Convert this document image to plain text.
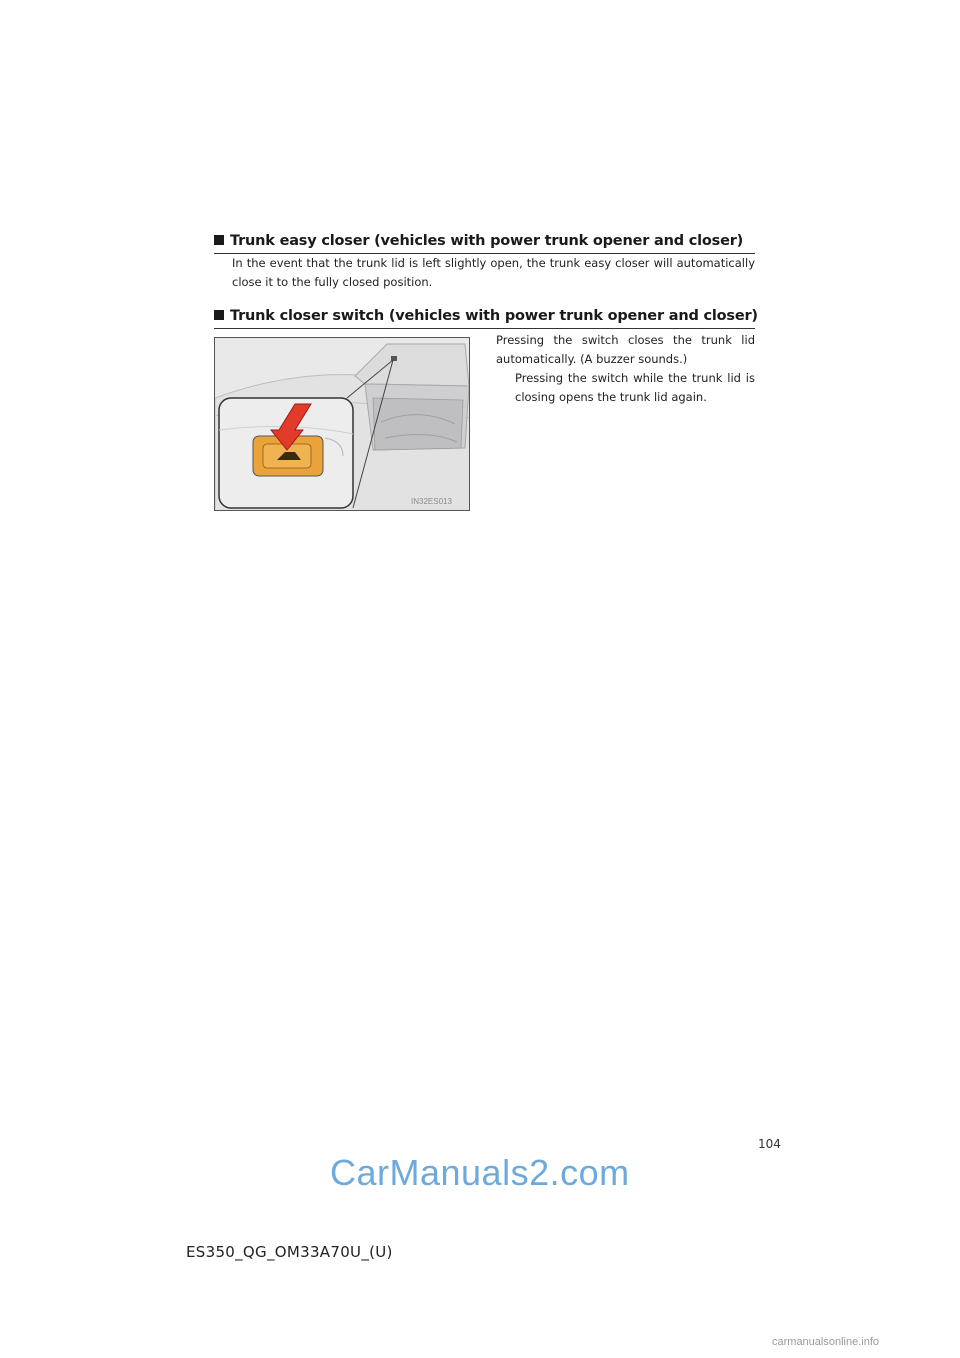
Trunk easy closer (vehicles with power trunk opener and closer)
In the event that the trunk lid is left slightly open, the trunk easy closer will automatically close it to the fully closed position.
Trunk closer switch (vehicles with power trunk opener and closer)
IN32ES013
Pressing the switch closes the trunk lid automatically. (A buzzer sounds.)
Pressing the switch while the trunk lid is closing opens the trunk lid again.
104
CarManuals2.com
ES350_QG_OM33A70U_(U)
carmanualsonline.info
